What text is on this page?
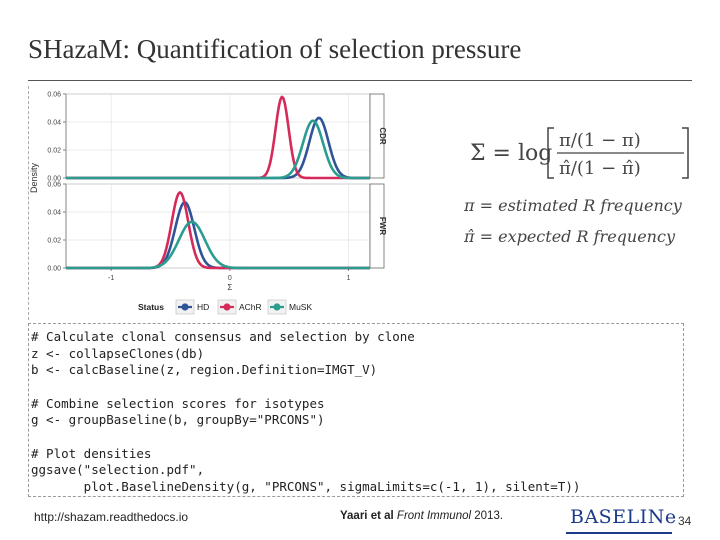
SHazaM: Quantification of selection pressure
0.00
0.02
0.04
0.06
CDR
0.00
0.02
0.04
0.06
FWR
-1	0	1
Σ
Density
Status	HD	AChR	MuSK
Σ = log
π/(1 − π)
π̂/(1 − π̂)
π = estimated R frequency
π̂ = expected R frequency
# Calculate clonal consensus and selection by clone
z <- collapseClones(db)
b <- calcBaseline(z, region.Definition=IMGT_V)
# Combine selection scores for isotypes
g <- groupBaseline(b, groupBy="PRCONS")
# Plot densities
ggsave("selection.pdf",
plot.BaselineDensity(g, "PRCONS", sigmaLimits=c(-1, 1), silent=T))
http://shazam.readthedocs.io	Yaari et al Front Immunol 2013.	BASELINe 34
